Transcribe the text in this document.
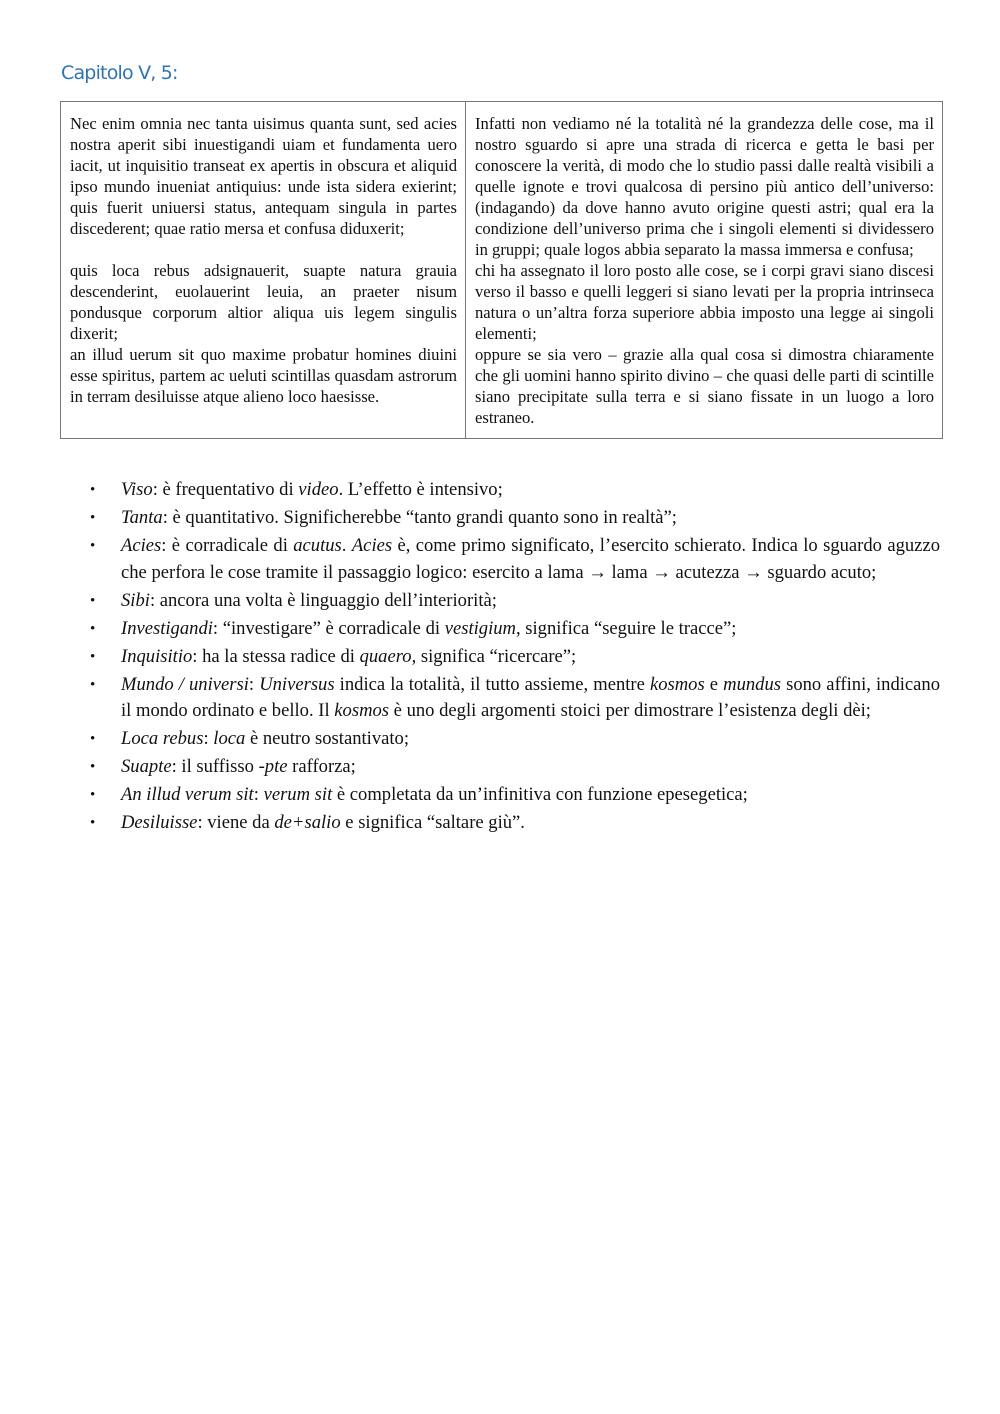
Capitolo V, 5:
Nec enim omnia nec tanta uisimus quanta sunt, sed acies nostra aperit sibi inuestigandi uiam et fundamenta uero iacit, ut inquisitio transeat ex apertis in obscura et aliquid ipso mundo inueniat antiquius: unde ista sidera exierint; quis fuerit uniuersi status, antequam singula in partes discederent; quae ratio mersa et confusa diduxerit;
quis loca rebus adsignauerit, suapte natura grauia descenderint, euolauerint leuia, an praeter nisum pondusque corporum altior aliqua uis legem singulis dixerit;
an illud uerum sit quo maxime probatur homines diuini esse spiritus, partem ac ueluti scintillas quasdam astrorum in terram desiluisse atque alieno loco haesisse.

Infatti non vediamo né la totalità né la grandezza delle cose, ma il nostro sguardo si apre una strada di ricerca e getta le basi per conoscere la verità, di modo che lo studio passi dalle realtà visibili a quelle ignote e trovi qualcosa di persino più antico dell’universo: (indagando) da dove hanno avuto origine questi astri; qual era la condizione dell’universo prima che i singoli elementi si dividessero in gruppi; quale logos abbia separato la massa immersa e confusa;
chi ha assegnato il loro posto alle cose, se i corpi gravi siano discesi verso il basso e quelli leggeri si siano levati per la propria intrinseca natura o un’altra forza superiore abbia imposto una legge ai singoli elementi;
oppure se sia vero – grazie alla qual cosa si dimostra chiaramente che gli uomini hanno spirito divino – che quasi delle parti di scintille siano precipitate sulla terra e si siano fissate in un luogo a loro estraneo.
• Viso: è frequentativo di video. L’effetto è intensivo;
• Tanta: è quantitativo. Significherebbe “tanto grandi quanto sono in realtà”;
• Acies: è corradicale di acutus. Acies è, come primo significato, l’esercito schierato. Indica lo sguardo aguzzo che perfora le cose tramite il passaggio logico: esercito a lama → lama → acutezza → sguardo acuto;
• Sibi: ancora una volta è linguaggio dell’interiorità;
• Investigandi: “investigare” è corradicale di vestigium, significa “seguire le tracce”;
• Inquisitio: ha la stessa radice di quaero, significa “ricercare”;
• Mundo / universi: Universus indica la totalità, il tutto assieme, mentre kosmos e mundus sono affini, indicano il mondo ordinato e bello. Il kosmos è uno degli argomenti stoici per dimostrare l’esistenza degli dèi;
• Loca rebus: loca è neutro sostantivato;
• Suapte: il suffisso -pte rafforza;
• An illud verum sit: verum sit è completata da un’infinitiva con funzione epesegetica;
• Desiluisse: viene da de+salio e significa “saltare giù”.
